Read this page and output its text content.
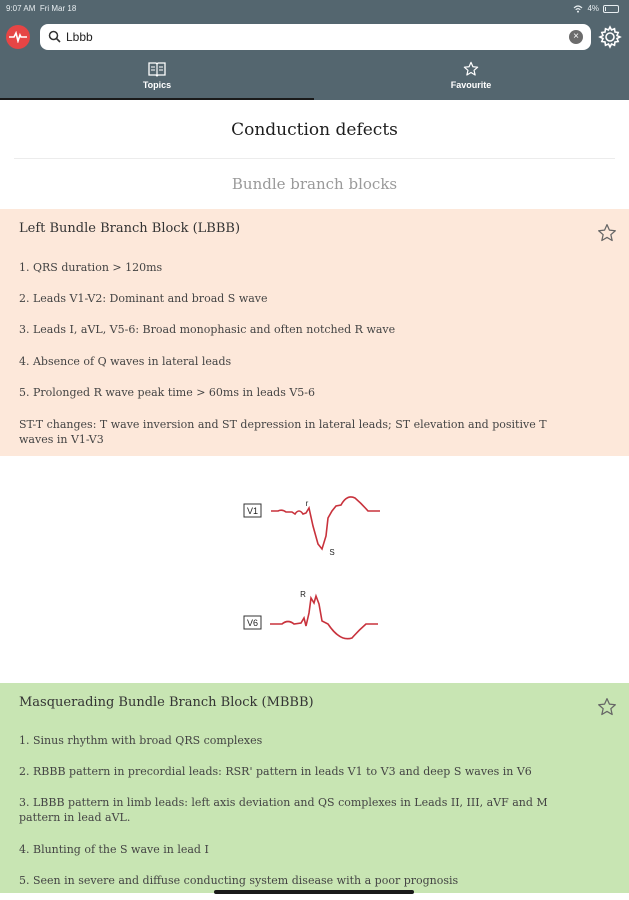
9:07 AM Fri Mar 18	4%
Lbbb
×
Topics	Favourite
Conduction defects
Bundle branch blocks
Left Bundle Branch Block (LBBB)
1. QRS duration > 120ms
2. Leads V1-V2: Dominant and broad S wave
3. Leads I, aVL, V5-6: Broad monophasic and often notched R wave
4. Absence of Q waves in lateral leads
5. Prolonged R wave peak time > 60ms in leads V5-6
ST-T changes: T wave inversion and ST depression in lateral leads; ST elevation and positive T waves in V1-V3
V1
r
S
V6
R
Masquerading Bundle Branch Block (MBBB)
1. Sinus rhythm with broad QRS complexes
2. RBBB pattern in precordial leads: RSR' pattern in leads V1 to V3 and deep S waves in V6
3. LBBB pattern in limb leads: left axis deviation and QS complexes in Leads II, III, aVF and M pattern in lead aVL.
4. Blunting of the S wave in lead I
5. Seen in severe and diffuse conducting system disease with a poor prognosis
